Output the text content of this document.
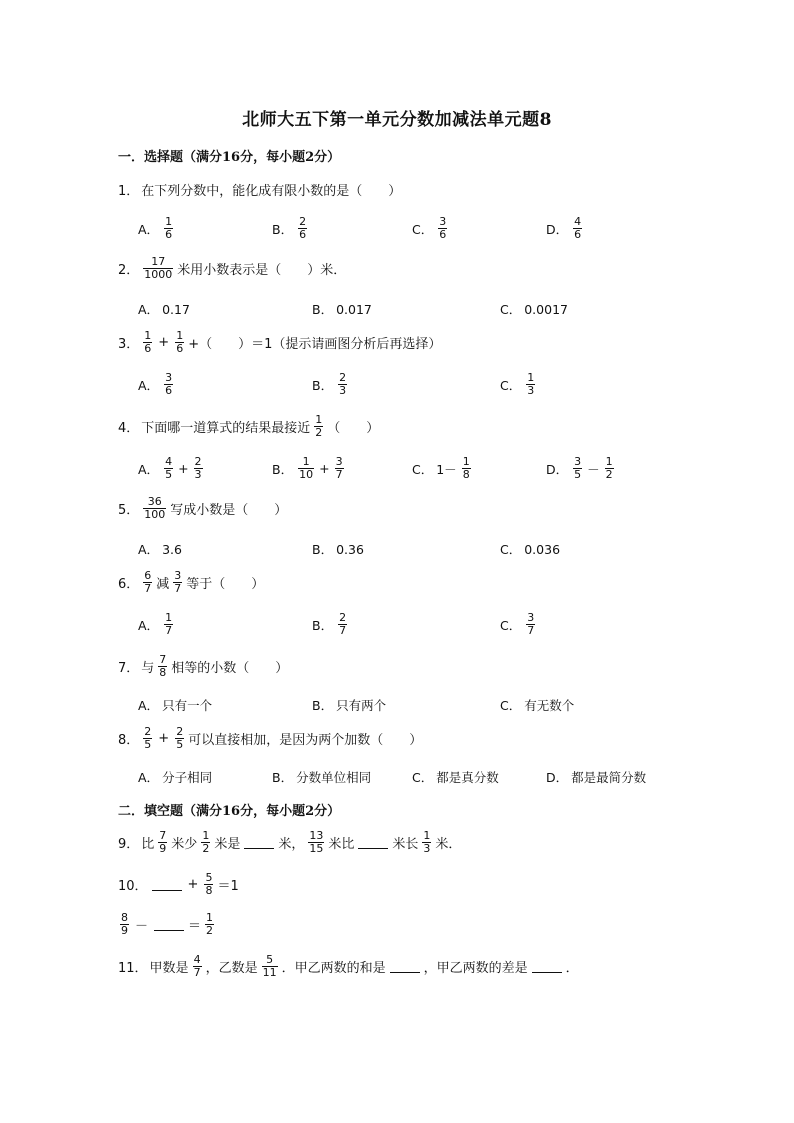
北师大五下第一单元分数加减法单元题8
一．选择题（满分16分，每小题2分）
1． 在下列分数中，能化成有限小数的是（　　）
A． $\frac{1}{6}$	B． $\frac{2}{6}$	C． $\frac{3}{6}$	D． $\frac{4}{6}$
2． $\frac{17}{1000}$ 米用小数表示是（　　）米．
A． 0.17	B． 0.017	C． 0.0017
3． $\frac{1}{6} + \frac{1}{6}$ +（　　）＝1（提示请画图分析后再选择）
A． $\frac{3}{6}$	B． $\frac{2}{3}$	C． $\frac{1}{3}$
4． 下面哪一道算式的结果最接近 $\frac{1}{2}$ （　　）
A． $\frac{4}{5} + \frac{2}{3}$	B． $\frac{1}{10} + \frac{3}{7}$	C． $1- \frac{1}{8}$	D． $\frac{3}{5} - \frac{1}{2}$
5． $\frac{36}{100}$ 写成小数是（　　）
A． 3.6	B． 0.36	C． 0.036
6． $\frac{6}{7}$ 减 $\frac{3}{7}$ 等于（　　）
A． $\frac{1}{7}$	B． $\frac{2}{7}$	C． $\frac{3}{7}$
7． 与 $\frac{7}{8}$ 相等的小数（　　）
A． 只有一个	B． 只有两个	C． 有无数个
8． $\frac{2}{5} + \frac{2}{5}$ 可以直接相加，是因为两个加数（　　）
A． 分子相同	B． 分数单位相同	C． 都是真分数	D． 都是最简分数
二．填空题（满分16分，每小题2分）
9． 比 $\frac{7}{9}$ 米少 $\frac{1}{2}$ 米是	米， $\frac{13}{15}$ 米比	米长 $\frac{1}{3}$ 米．
10．	+ $\frac{5}{8} =1$
$\frac{8}{9}$ －	＝ $\frac{1}{2}$
11． 甲数是 $\frac{4}{7}$ ，乙数是 $\frac{5}{11}$ ．甲乙两数的和是	，甲乙两数的差是	．
